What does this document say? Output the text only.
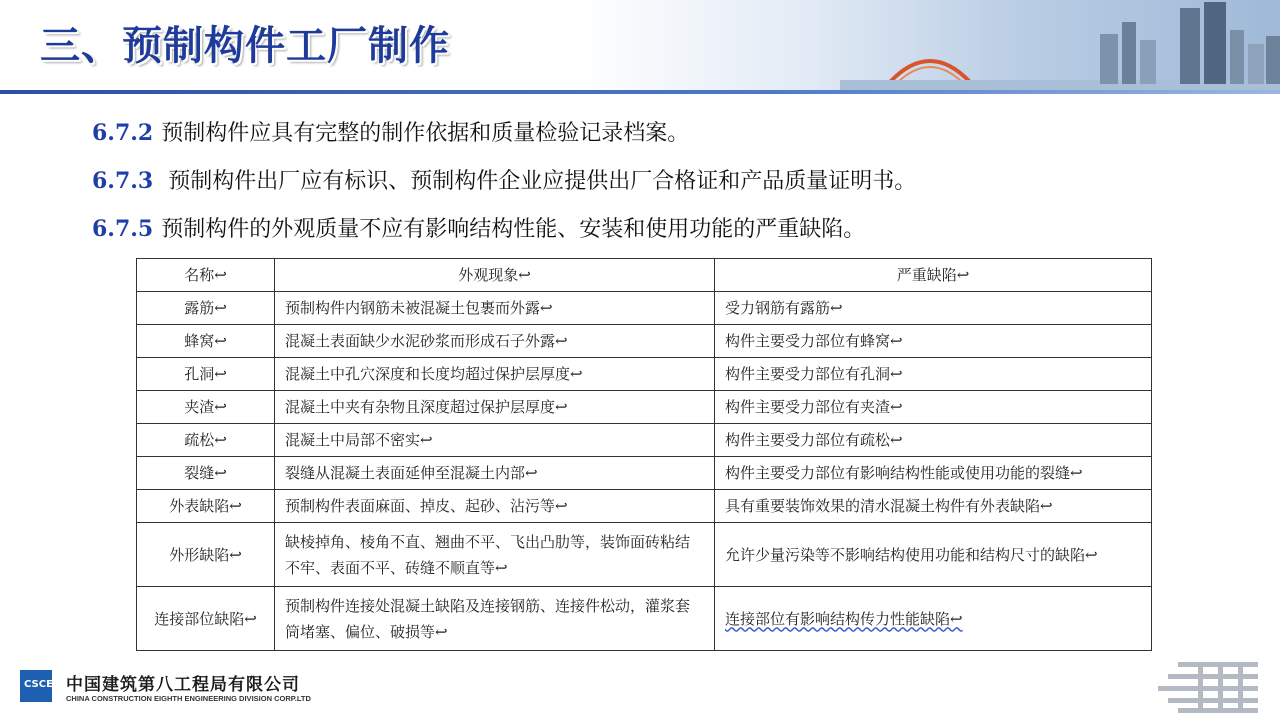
三、预制构件工厂制作
6.7.2 预制构件应具有完整的制作依据和质量检验记录档案。
6.7.3 预制构件出厂应有标识、预制构件企业应提供出厂合格证和产品质量证明书。
6.7.5 预制构件的外观质量不应有影响结构性能、安装和使用功能的严重缺陷。
名称↩	外观现象↩	严重缺陷↩
露筋↩	预制构件内钢筋未被混凝土包裹而外露↩	受力钢筋有露筋↩
蜂窝↩	混凝土表面缺少水泥砂浆而形成石子外露↩	构件主要受力部位有蜂窝↩
孔洞↩	混凝土中孔穴深度和长度均超过保护层厚度↩	构件主要受力部位有孔洞↩
夹渣↩	混凝土中夹有杂物且深度超过保护层厚度↩	构件主要受力部位有夹渣↩
疏松↩	混凝土中局部不密实↩	构件主要受力部位有疏松↩
裂缝↩	裂缝从混凝土表面延伸至混凝土内部↩	构件主要受力部位有影响结构性能或使用功能的裂缝↩
外表缺陷↩	预制构件表面麻面、掉皮、起砂、沾污等↩	具有重要装饰效果的清水混凝土构件有外表缺陷↩
外形缺陷↩	缺棱掉角、棱角不直、翘曲不平、飞出凸肋等，装饰面砖粘结不牢、表面不平、砖缝不顺直等↩	允许少量污染等不影响结构使用功能和结构尺寸的缺陷↩
连接部位缺陷↩	预制构件连接处混凝土缺陷及连接钢筋、连接件松动，灌浆套筒堵塞、偏位、破损等↩	连接部位有影响结构传力性能缺陷↩
CSCEC 中国建筑第八工程局有限公司
CHINA CONSTRUCTION EIGHTH ENGINEERING DIVISION CORP.LTD
